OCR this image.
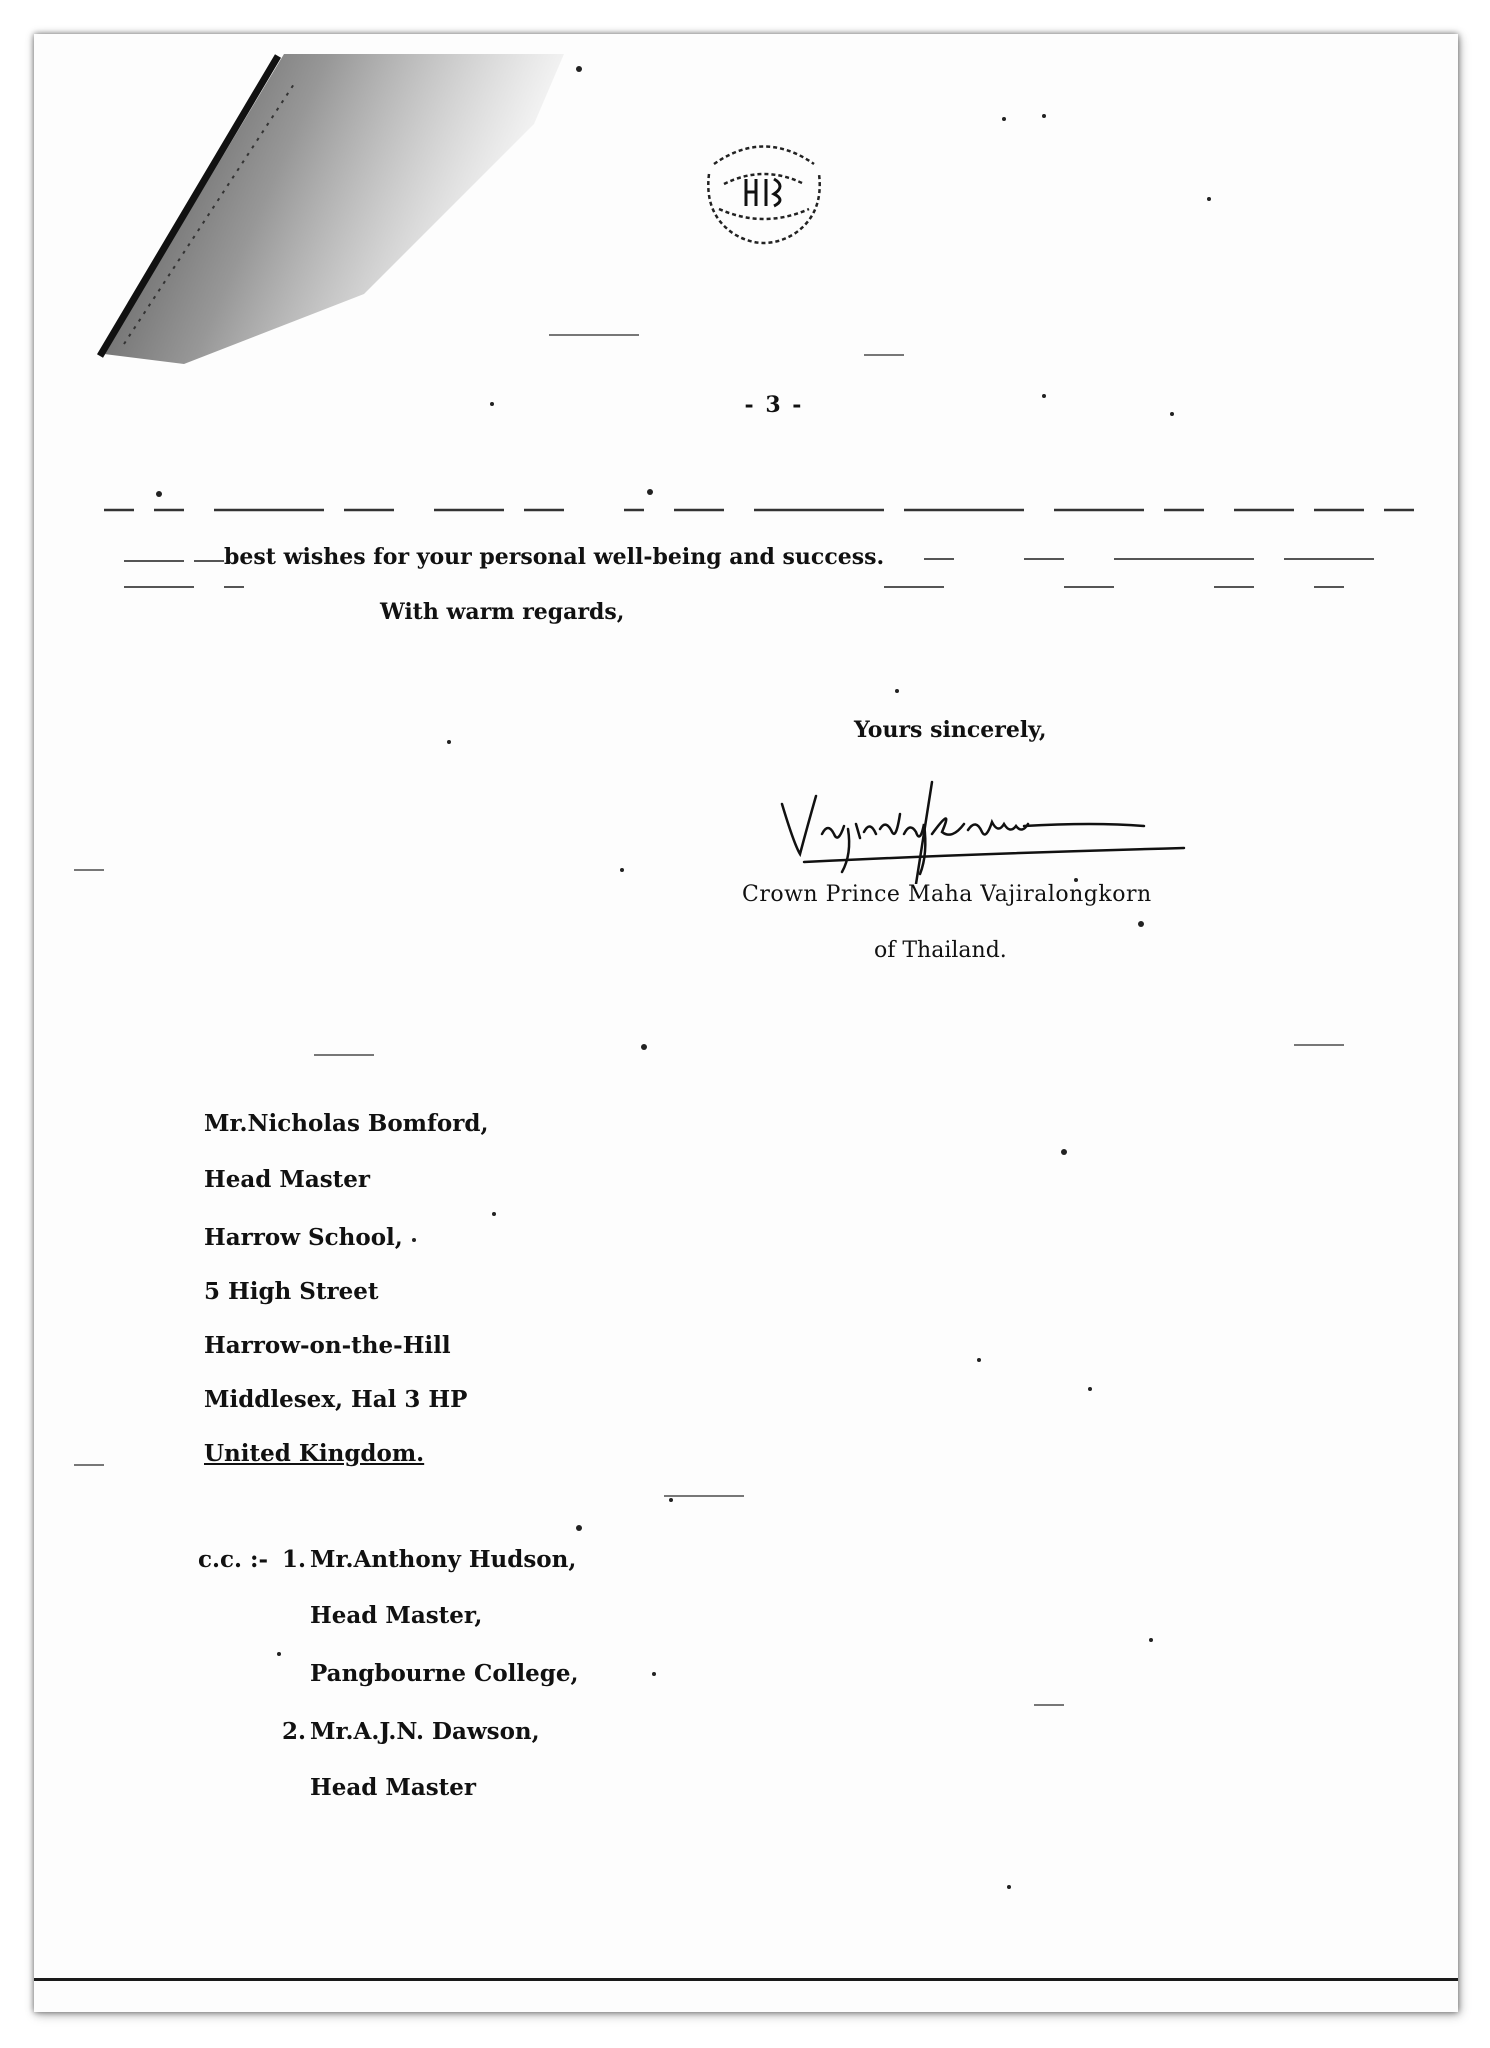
- 3 -
best wishes for your personal well-being and success.
With warm regards,
Yours sincerely,
Crown Prince Maha Vajiralongkorn
of Thailand.
Mr.Nicholas Bomford,
Head Master
Harrow School,
5 High Street
Harrow-on-the-Hill
Middlesex, Hal 3 HP
United Kingdom.
c.c. :- 1. Mr.Anthony Hudson,
Head Master,
Pangbourne College,
2. Mr.A.J.N. Dawson,
Head Master
